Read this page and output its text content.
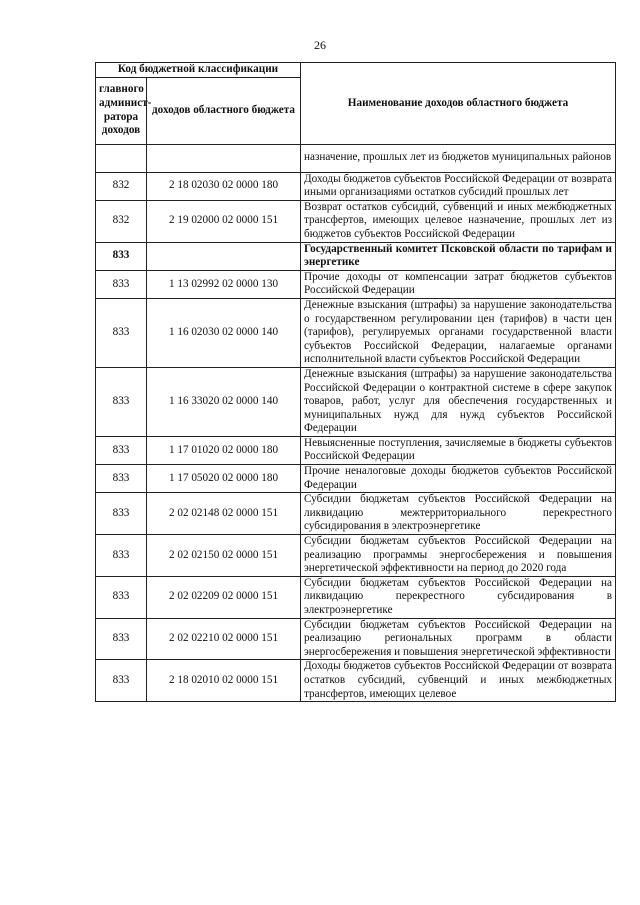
26
Код бюджетной классификации		Наименование доходов областного бюджета
главного админист-ратора доходов	доходов областного бюджета	
		назначение, прошлых лет из бюджетов муниципальных районов
832	2 18 02030 02 0000 180	Доходы бюджетов субъектов Российской Федерации от возврата иными организациями остатков субсидий прошлых лет
832	2 19 02000 02 0000 151	Возврат остатков субсидий, субвенций и иных межбюджетных трансфертов, имеющих целевое назначение, прошлых лет из бюджетов субъектов Российской Федерации
833		Государственный комитет Псковской области по тарифам и энергетике
833	1 13 02992 02 0000 130	Прочие доходы от компенсации затрат бюджетов субъектов Российской Федерации
833	1 16 02030 02 0000 140	Денежные взыскания (штрафы) за нарушение законодательства о государственном регулировании цен (тарифов) в части цен (тарифов), регулируемых органами государственной власти субъектов Российской Федерации, налагаемые органами исполнительной власти субъектов Российской Федерации
833	1 16 33020 02 0000 140	Денежные взыскания (штрафы) за нарушение законодательства Российской Федерации о контрактной системе в сфере закупок товаров, работ, услуг для обеспечения государственных и муниципальных нужд для нужд субъектов Российской Федерации
833	1 17 01020 02 0000 180	Невыясненные поступления, зачисляемые в бюджеты субъектов Российской Федерации
833	1 17 05020 02 0000 180	Прочие неналоговые доходы бюджетов субъектов Российской Федерации
833	2 02 02148 02 0000 151	Субсидии бюджетам субъектов Российской Федерации на ликвидацию межтерриториального перекрестного субсидирования в электроэнергетике
833	2 02 02150 02 0000 151	Субсидии бюджетам субъектов Российской Федерации на реализацию программы энергосбережения и повышения энергетической эффективности на период до 2020 года
833	2 02 02209 02 0000 151	Субсидии бюджетам субъектов Российской Федерации на ликвидацию перекрестного субсидирования в электроэнергетике
833	2 02 02210 02 0000 151	Субсидии бюджетам субъектов Российской Федерации на реализацию региональных программ в области энергосбережения и повышения энергетической эффективности
833	2 18 02010 02 0000 151	Доходы бюджетов субъектов Российской Федерации от возврата остатков субсидий, субвенций и иных межбюджетных трансфертов, имеющих целевое
